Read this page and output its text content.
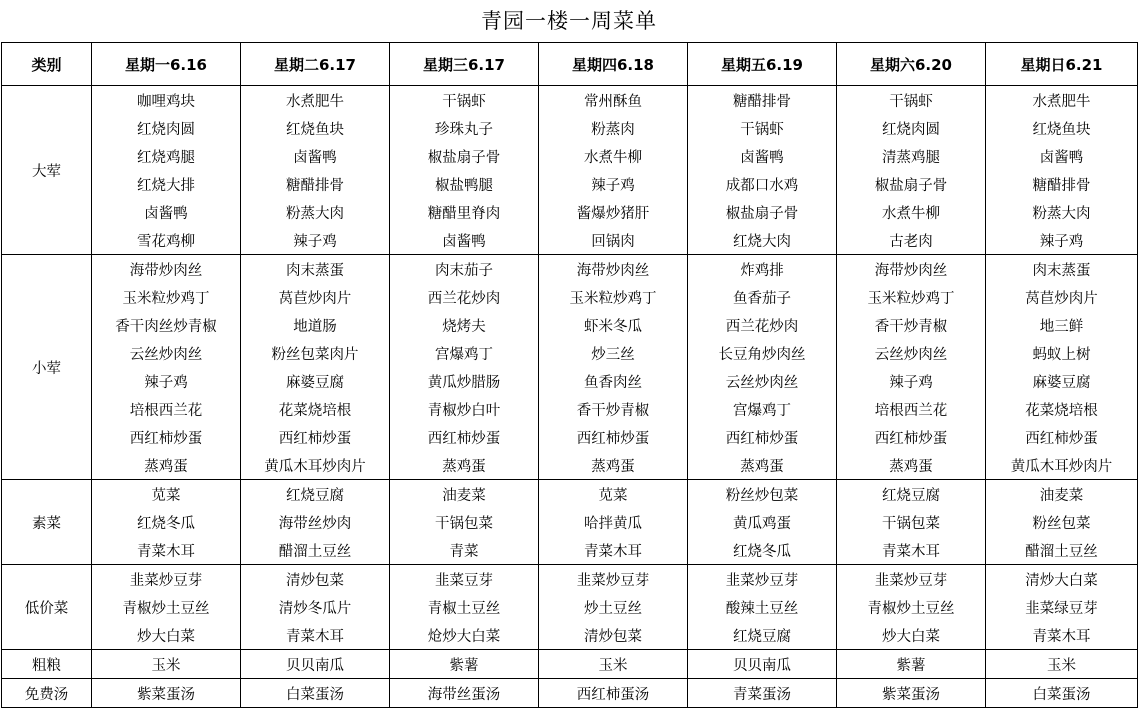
青园一楼一周菜单
类别	星期一6.16	星期二6.17	星期三6.17	星期四6.18	星期五6.19	星期六6.20	星期日6.21
大荤	咖哩鸡块	水煮肥牛	干锅虾	常州酥鱼	糖醋排骨	干锅虾	水煮肥牛
	红烧肉圆	红烧鱼块	珍珠丸子	粉蒸肉	干锅虾	红烧肉圆	红烧鱼块
	红烧鸡腿	卤酱鸭	椒盐扇子骨	水煮牛柳	卤酱鸭	清蒸鸡腿	卤酱鸭
	红烧大排	糖醋排骨	椒盐鸭腿	辣子鸡	成都口水鸡	椒盐扇子骨	糖醋排骨
	卤酱鸭	粉蒸大肉	糖醋里脊肉	酱爆炒猪肝	椒盐扇子骨	水煮牛柳	粉蒸大肉
	雪花鸡柳	辣子鸡	卤酱鸭	回锅肉	红烧大肉	古老肉	辣子鸡
小荤	海带炒肉丝	肉末蒸蛋	肉末茄子	海带炒肉丝	炸鸡排	海带炒肉丝	肉末蒸蛋
	玉米粒炒鸡丁	莴苣炒肉片	西兰花炒肉	玉米粒炒鸡丁	鱼香茄子	玉米粒炒鸡丁	莴苣炒肉片
	香干肉丝炒青椒	地道肠	烧烤夫	虾米冬瓜	西兰花炒肉	香干炒青椒	地三鲜
	云丝炒肉丝	粉丝包菜肉片	宫爆鸡丁	炒三丝	长豆角炒肉丝	云丝炒肉丝	蚂蚁上树
	辣子鸡	麻婆豆腐	黄瓜炒腊肠	鱼香肉丝	云丝炒肉丝	辣子鸡	麻婆豆腐
	培根西兰花	花菜烧培根	青椒炒白叶	香干炒青椒	宫爆鸡丁	培根西兰花	花菜烧培根
	西红柿炒蛋	西红柿炒蛋	西红柿炒蛋	西红柿炒蛋	西红柿炒蛋	西红柿炒蛋	西红柿炒蛋
	蒸鸡蛋	黄瓜木耳炒肉片	蒸鸡蛋	蒸鸡蛋	蒸鸡蛋	蒸鸡蛋	黄瓜木耳炒肉片
素菜	苋菜	红烧豆腐	油麦菜	苋菜	粉丝炒包菜	红烧豆腐	油麦菜
	红烧冬瓜	海带丝炒肉	干锅包菜	哈拌黄瓜	黄瓜鸡蛋	干锅包菜	粉丝包菜
	青菜木耳	醋溜土豆丝	青菜	青菜木耳	红烧冬瓜	青菜木耳	醋溜土豆丝
低价菜	韭菜炒豆芽	清炒包菜	韭菜豆芽	韭菜炒豆芽	韭菜炒豆芽	韭菜炒豆芽	清炒大白菜
	青椒炒土豆丝	清炒冬瓜片	青椒土豆丝	炒土豆丝	酸辣土豆丝	青椒炒土豆丝	韭菜绿豆芽
	炒大白菜	青菜木耳	炝炒大白菜	清炒包菜	红烧豆腐	炒大白菜	青菜木耳
粗粮	玉米	贝贝南瓜	紫薯	玉米	贝贝南瓜	紫薯	玉米
免费汤	紫菜蛋汤	白菜蛋汤	海带丝蛋汤	西红柿蛋汤	青菜蛋汤	紫菜蛋汤	白菜蛋汤
